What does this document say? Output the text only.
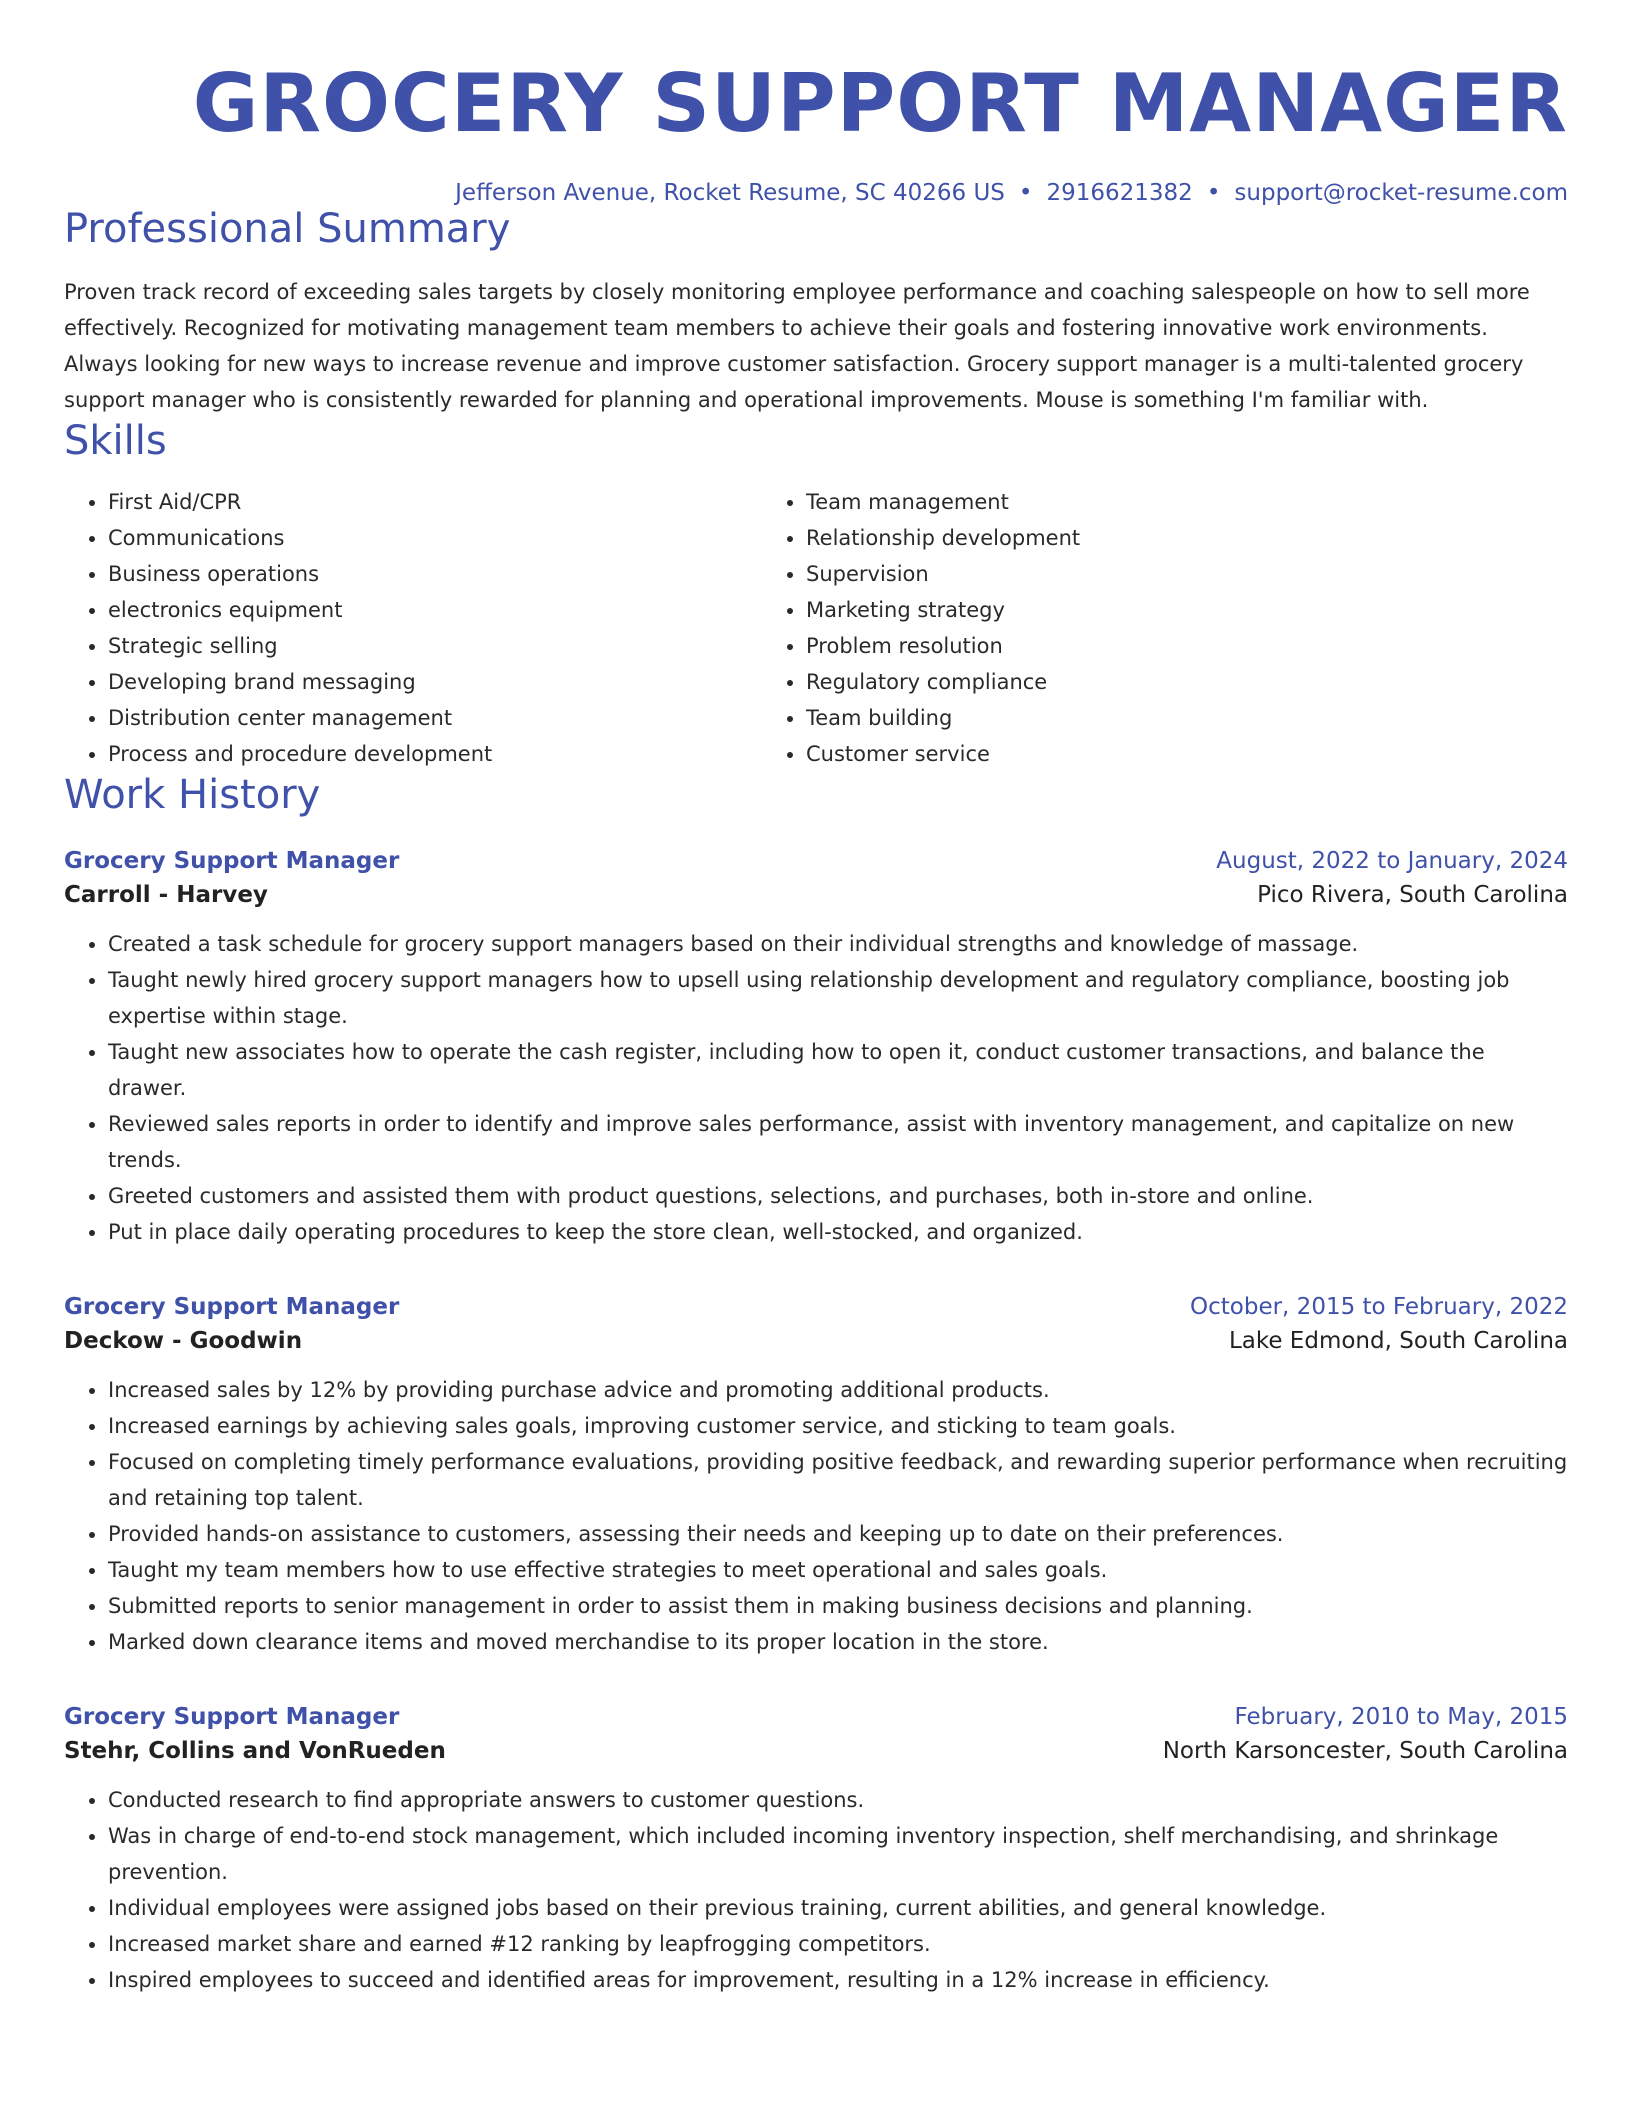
GROCERY SUPPORT MANAGER
Jefferson Avenue, Rocket Resume, SC 40266 US • 2916621382 • support@rocket-resume.com
Professional Summary
Proven track record of exceeding sales targets by closely monitoring employee performance and coaching salespeople on how to sell more effectively. Recognized for motivating management team members to achieve their goals and fostering innovative work environments. Always looking for new ways to increase revenue and improve customer satisfaction. Grocery support manager is a multi-talented grocery support manager who is consistently rewarded for planning and operational improvements. Mouse is something I'm familiar with.
Skills
• First Aid/CPR
• Communications
• Business operations
• electronics equipment
• Strategic selling
• Developing brand messaging
• Distribution center management
• Process and procedure development
• Team management
• Relationship development
• Supervision
• Marketing strategy
• Problem resolution
• Regulatory compliance
• Team building
• Customer service
Work History
Grocery Support Manager	August, 2022 to January, 2024
Carroll - Harvey	Pico Rivera, South Carolina
• Created a task schedule for grocery support managers based on their individual strengths and knowledge of massage.
• Taught newly hired grocery support managers how to upsell using relationship development and regulatory compliance, boosting job expertise within stage.
• Taught new associates how to operate the cash register, including how to open it, conduct customer transactions, and balance the drawer.
• Reviewed sales reports in order to identify and improve sales performance, assist with inventory management, and capitalize on new trends.
• Greeted customers and assisted them with product questions, selections, and purchases, both in-store and online.
• Put in place daily operating procedures to keep the store clean, well-stocked, and organized.
Grocery Support Manager	October, 2015 to February, 2022
Deckow - Goodwin	Lake Edmond, South Carolina
• Increased sales by 12% by providing purchase advice and promoting additional products.
• Increased earnings by achieving sales goals, improving customer service, and sticking to team goals.
• Focused on completing timely performance evaluations, providing positive feedback, and rewarding superior performance when recruiting and retaining top talent.
• Provided hands-on assistance to customers, assessing their needs and keeping up to date on their preferences.
• Taught my team members how to use effective strategies to meet operational and sales goals.
• Submitted reports to senior management in order to assist them in making business decisions and planning.
• Marked down clearance items and moved merchandise to its proper location in the store.
Grocery Support Manager	February, 2010 to May, 2015
Stehr, Collins and VonRueden	North Karsoncester, South Carolina
• Conducted research to find appropriate answers to customer questions.
• Was in charge of end-to-end stock management, which included incoming inventory inspection, shelf merchandising, and shrinkage prevention.
• Individual employees were assigned jobs based on their previous training, current abilities, and general knowledge.
• Increased market share and earned #12 ranking by leapfrogging competitors.
• Inspired employees to succeed and identified areas for improvement, resulting in a 12% increase in efficiency.
